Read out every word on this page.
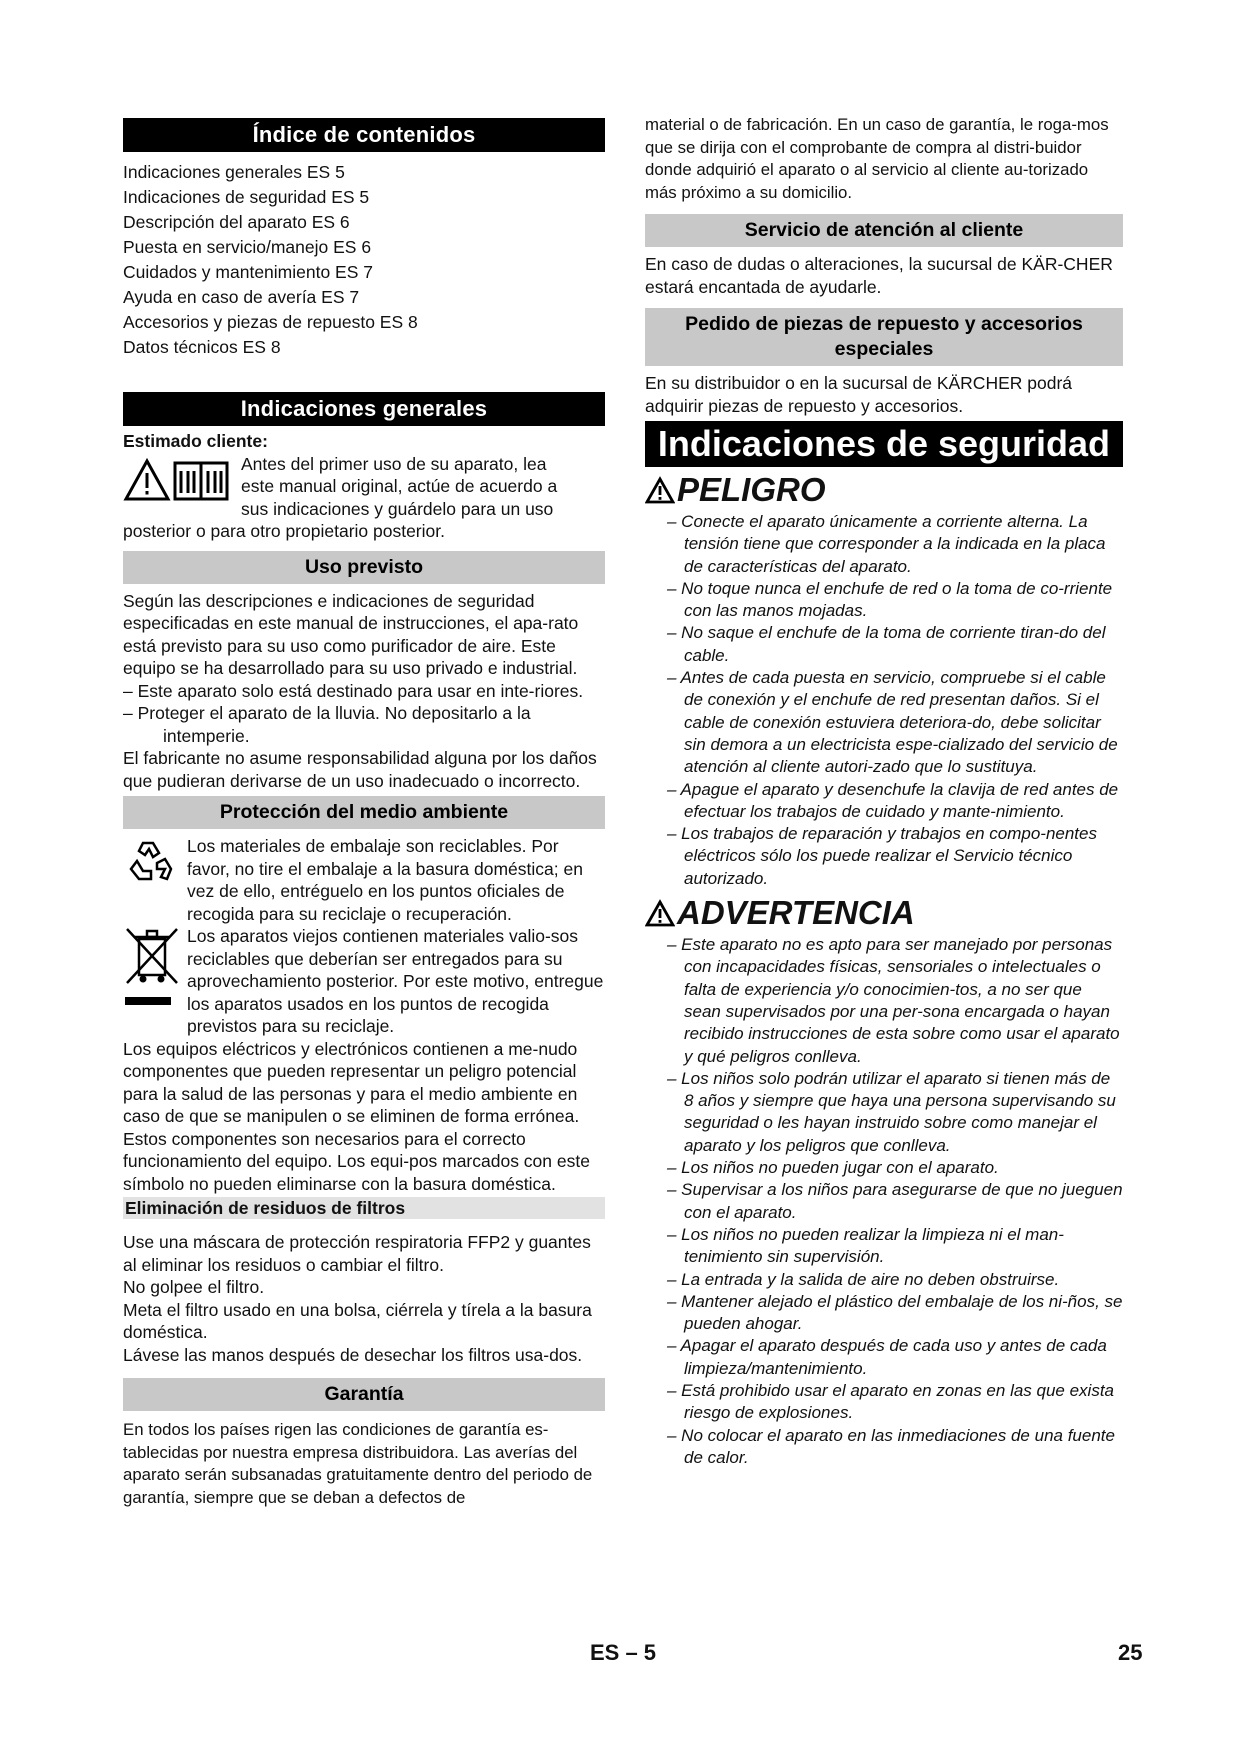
Índice de contenidos

Indicaciones generales ES 5

Indicaciones de seguridad ES 5

Descripción del aparato ES 6

Puesta en servicio/manejo ES 6

Cuidados y mantenimiento ES 7

Ayuda en caso de avería ES 7

Accesorios y piezas de repuesto ES 8

Datos técnicos ES 8

Indicaciones generales

Estimado cliente:

Antes del primer uso de su aparato, lea

este manual original, actúe de acuerdo a

sus indicaciones y guárdelo para un uso

posterior o para otro propietario posterior.

Uso previsto

Según las descripciones e indicaciones de seguridad especificadas en este manual de instrucciones, el apa-rato está previsto para su uso como purificador de aire. Este equipo se ha desarrollado para su uso privado e industrial.

– Este aparato solo está destinado para usar en inte-riores.

– Proteger el aparato de la lluvia. No depositarlo a la intemperie.

El fabricante no asume responsabilidad alguna por los daños que pudieran derivarse de un uso inadecuado o incorrecto.

Protección del medio ambiente

Los materiales de embalaje son reciclables. Por favor, no tire el embalaje a la basura doméstica; en vez de ello, entréguelo en los puntos oficiales de recogida para su reciclaje o recuperación.

Los aparatos viejos contienen materiales valio-sos reciclables que deberían ser entregados para su aprovechamiento posterior. Por este motivo, entregue los aparatos usados en los puntos de recogida previstos para su reciclaje.

Los equipos eléctricos y electrónicos contienen a me-nudo componentes que pueden representar un peligro potencial para la salud de las personas y para el medio ambiente en caso de que se manipulen o se eliminen de forma errónea. Estos componentes son necesarios para el correcto funcionamiento del equipo. Los equi-pos marcados con este símbolo no pueden eliminarse con la basura doméstica.

Eliminación de residuos de filtros

Use una máscara de protección respiratoria FFP2 y guantes al eliminar los residuos o cambiar el filtro.

No golpee el filtro.

Meta el filtro usado en una bolsa, ciérrela y tírela a la basura doméstica.

Lávese las manos después de desechar los filtros usa-dos.

Garantía

En todos los países rigen las condiciones de garantía es-tablecidas por nuestra empresa distribuidora. Las averías del aparato serán subsanadas gratuitamente dentro del periodo de garantía, siempre que se deban a defectos de

material o de fabricación. En un caso de garantía, le roga-mos que se dirija con el comprobante de compra al distri-buidor donde adquirió el aparato o al servicio al cliente au-torizado más próximo a su domicilio.

Servicio de atención al cliente

En caso de dudas o alteraciones, la sucursal de KÄR-CHER estará encantada de ayudarle.

Pedido de piezas de repuesto y accesorios especiales

En su distribuidor o en la sucursal de KÄRCHER podrá adquirir piezas de repuesto y accesorios.

Indicaciones de seguridad
PELIGRO

– Conecte el aparato únicamente a corriente alterna. La tensión tiene que corresponder a la indicada en la placa de características del aparato.

– No toque nunca el enchufe de red o la toma de co-rriente con las manos mojadas.

– No saque el enchufe de la toma de corriente tiran-do del cable.

– Antes de cada puesta en servicio, compruebe si el cable de conexión y el enchufe de red presentan daños. Si el cable de conexión estuviera deteriora-do, debe solicitar sin demora a un electricista espe-cializado del servicio de atención al cliente autori-zado que lo sustituya.

– Apague el aparato y desenchufe la clavija de red antes de efectuar los trabajos de cuidado y mante-nimiento.

– Los trabajos de reparación y trabajos en compo-nentes eléctricos sólo los puede realizar el Servicio técnico autorizado.

ADVERTENCIA

– Este aparato no es apto para ser manejado por personas con incapacidades físicas, sensoriales o intelectuales o falta de experiencia y/o conocimien-tos, a no ser que sean supervisados por una per-sona encargada o hayan recibido instrucciones de esta sobre como usar el aparato y qué peligros conlleva.

– Los niños solo podrán utilizar el aparato si tienen más de 8 años y siempre que haya una persona supervisando su seguridad o les hayan instruido sobre como manejar el aparato y los peligros que conlleva.

– Los niños no pueden jugar con el aparato.

– Supervisar a los niños para asegurarse de que no jueguen con el aparato.

– Los niños no pueden realizar la limpieza ni el man-tenimiento sin supervisión.

– La entrada y la salida de aire no deben obstruirse.

– Mantener alejado el plástico del embalaje de los ni-ños, se pueden ahogar.

– Apagar el aparato después de cada uso y antes de cada limpieza/mantenimiento.

– Está prohibido usar el aparato en zonas en las que exista riesgo de explosiones.

– No colocar el aparato en las inmediaciones de una fuente de calor.

ES – 5	25
